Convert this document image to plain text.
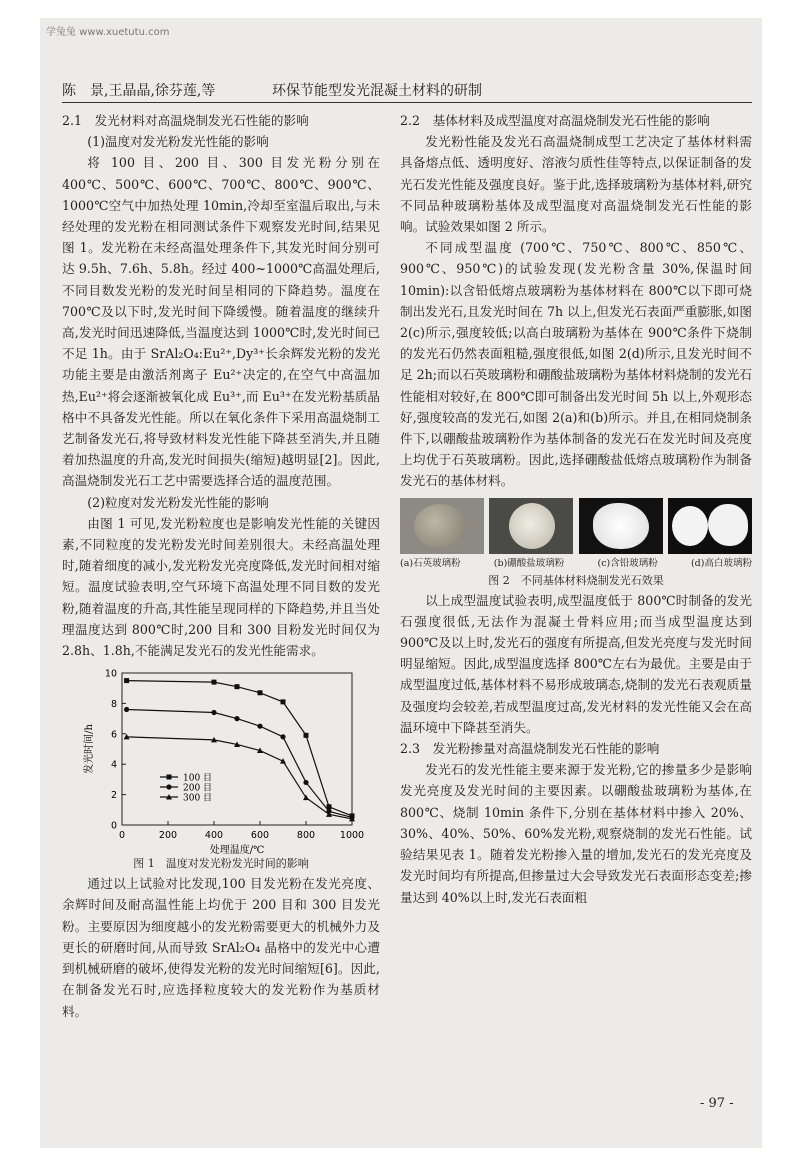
学兔兔 www.xuetutu.com
陈　景,王晶晶,徐芬莲,等	环保节能型发光混凝土材料的研制

2.1　发光材料对高温烧制发光石性能的影响

(1)温度对发光粉发光性能的影响

将 100 目、200 目、300 目发光粉分别在 400℃、500℃、600℃、700℃、800℃、900℃、1000℃空气中加热处理 10min,冷却至室温后取出,与未经处理的发光粉在相同测试条件下观察发光时间,结果见图 1。发光粉在未经高温处理条件下,其发光时间分别可达 9.5h、7.6h、5.8h。经过 400~1000℃高温处理后,不同目数发光粉的发光时间呈相同的下降趋势。温度在 700℃及以下时,发光时间下降缓慢。随着温度的继续升高,发光时间迅速降低,当温度达到 1000℃时,发光时间已不足 1h。由于 SrAl₂O₄:Eu²⁺,Dy³⁺长余辉发光粉的发光功能主要是由激活剂离子 Eu²⁺决定的,在空气中高温加热,Eu²⁺将会逐渐被氧化成 Eu³⁺,而 Eu³⁺在发光粉基质晶格中不具备发光性能。所以在氧化条件下采用高温烧制工艺制备发光石,将导致材料发光性能下降甚至消失,并且随着加热温度的升高,发光时间损失(缩短)越明显[2]。因此,高温烧制发光石工艺中需要选择合适的温度范围。

(2)粒度对发光粉发光性能的影响

由图 1 可见,发光粉粒度也是影响发光性能的关键因素,不同粒度的发光粉发光时间差别很大。未经高温处理时,随着细度的减小,发光粉发光亮度降低,发光时间相对缩短。温度试验表明,空气环境下高温处理不同目数的发光粉,随着温度的升高,其性能呈现同样的下降趋势,并且当处理温度达到 800℃时,200 目和 300 目粉发光时间仅为 2.8h、1.8h,不能满足发光石的发光性能需求。

0	200	400	600	800	1000
0
2
4
6
8
10
处理温度/℃
发光时间/h
100 目
200 目
300 目

图 1　温度对发光粉发光时间的影响

通过以上试验对比发现,100 目发光粉在发光亮度、余辉时间及耐高温性能上均优于 200 目和 300 目发光粉。主要原因为细度越小的发光粉需要更大的机械外力及更长的研磨时间,从而导致 SrAl₂O₄ 晶格中的发光中心遭到机械研磨的破坏,使得发光粉的发光时间缩短[6]。因此,在制备发光石时,应选择粒度较大的发光粉作为基质材料。

2.2　基体材料及成型温度对高温烧制发光石性能的影响

发光粉性能及发光石高温烧制成型工艺决定了基体材料需具备熔点低、透明度好、溶液匀质性佳等特点,以保证制备的发光石发光性能及强度良好。鉴于此,选择玻璃粉为基体材料,研究不同品种玻璃粉基体及成型温度对高温烧制发光石性能的影响。试验效果如图 2 所示。

不同成型温度 (700℃、750℃、800℃、850℃、900℃、950℃)的试验发现(发光粉含量 30%,保温时间 10min):以含铅低熔点玻璃粉为基体材料在 800℃以下即可烧制出发光石,且发光时间在 7h 以上,但发光石表面严重膨胀,如图 2(c)所示,强度较低;以高白玻璃粉为基体在 900℃条件下烧制的发光石仍然表面粗糙,强度很低,如图 2(d)所示,且发光时间不足 2h;而以石英玻璃粉和硼酸盐玻璃粉为基体材料烧制的发光石性能相对较好,在 800℃即可制备出发光时间 5h 以上,外观形态好,强度较高的发光石,如图 2(a)和(b)所示。并且,在相同烧制条件下,以硼酸盐玻璃粉作为基体制备的发光石在发光时间及亮度上均优于石英玻璃粉。因此,选择硼酸盐低熔点玻璃粉作为制备发光石的基体材料。

(a)石英玻璃粉	(b)硼酸盐玻璃粉	(c)含铅玻璃粉	(d)高白玻璃粉

图 2　不同基体材料烧制发光石效果

以上成型温度试验表明,成型温度低于 800℃时制备的发光石强度很低,无法作为混凝土骨料应用;而当成型温度达到 900℃及以上时,发光石的强度有所提高,但发光亮度与发光时间明显缩短。因此,成型温度选择 800℃左右为最优。主要是由于成型温度过低,基体材料不易形成玻璃态,烧制的发光石表观质量及强度均会较差,若成型温度过高,发光材料的发光性能又会在高温环境中下降甚至消失。

2.3　发光粉掺量对高温烧制发光石性能的影响

发光石的发光性能主要来源于发光粉,它的掺量多少是影响发光亮度及发光时间的主要因素。以硼酸盐玻璃粉为基体,在 800℃、烧制 10min 条件下,分别在基体材料中掺入 20%、30%、40%、50%、60%发光粉,观察烧制的发光石性能。试验结果见表 1。随着发光粉掺入量的增加,发光石的发光亮度及发光时间均有所提高,但掺量过大会导致发光石表面形态变差;掺量达到 40%以上时,发光石表面粗

- 97 -
